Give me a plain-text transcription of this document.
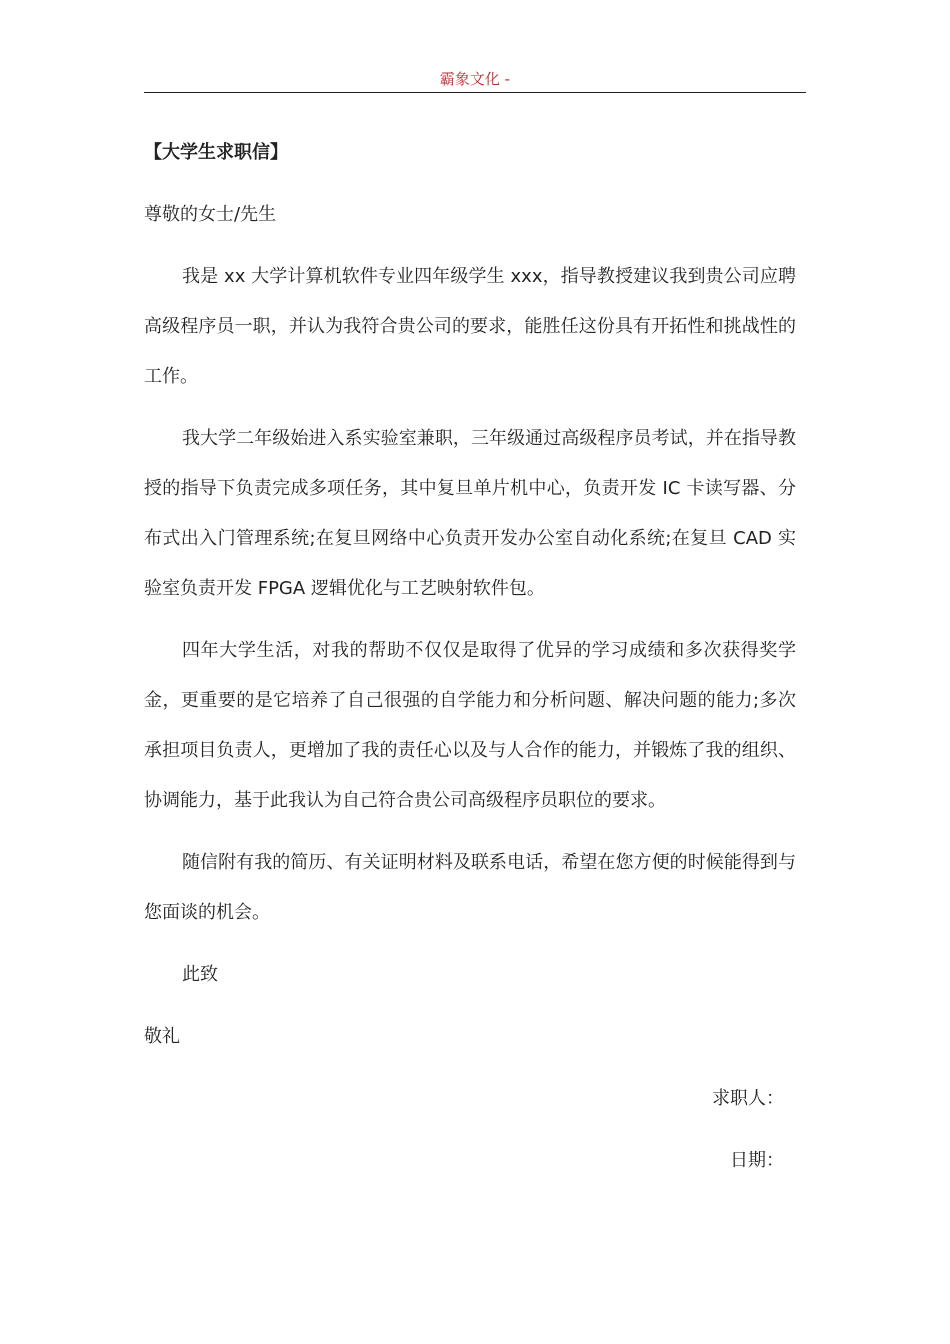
霸象文化 -
【大学生求职信】
尊敬的女士/先生
我是 xx 大学计算机软件专业四年级学生 xxx，指导教授建议我到贵公司应聘高级程序员一职，并认为我符合贵公司的要求，能胜任这份具有开拓性和挑战性的工作。
我大学二年级始进入系实验室兼职，三年级通过高级程序员考试，并在指导教授的指导下负责完成多项任务，其中复旦单片机中心，负责开发 IC 卡读写器、分布式出入门管理系统;在复旦网络中心负责开发办公室自动化系统;在复旦 CAD 实验室负责开发 FPGA 逻辑优化与工艺映射软件包。
四年大学生活，对我的帮助不仅仅是取得了优异的学习成绩和多次获得奖学金，更重要的是它培养了自己很强的自学能力和分析问题、解决问题的能力;多次承担项目负责人，更增加了我的责任心以及与人合作的能力，并锻炼了我的组织、协调能力，基于此我认为自己符合贵公司高级程序员职位的要求。
随信附有我的简历、有关证明材料及联系电话，希望在您方便的时候能得到与您面谈的机会。
此致
敬礼
求职人：
日期：
